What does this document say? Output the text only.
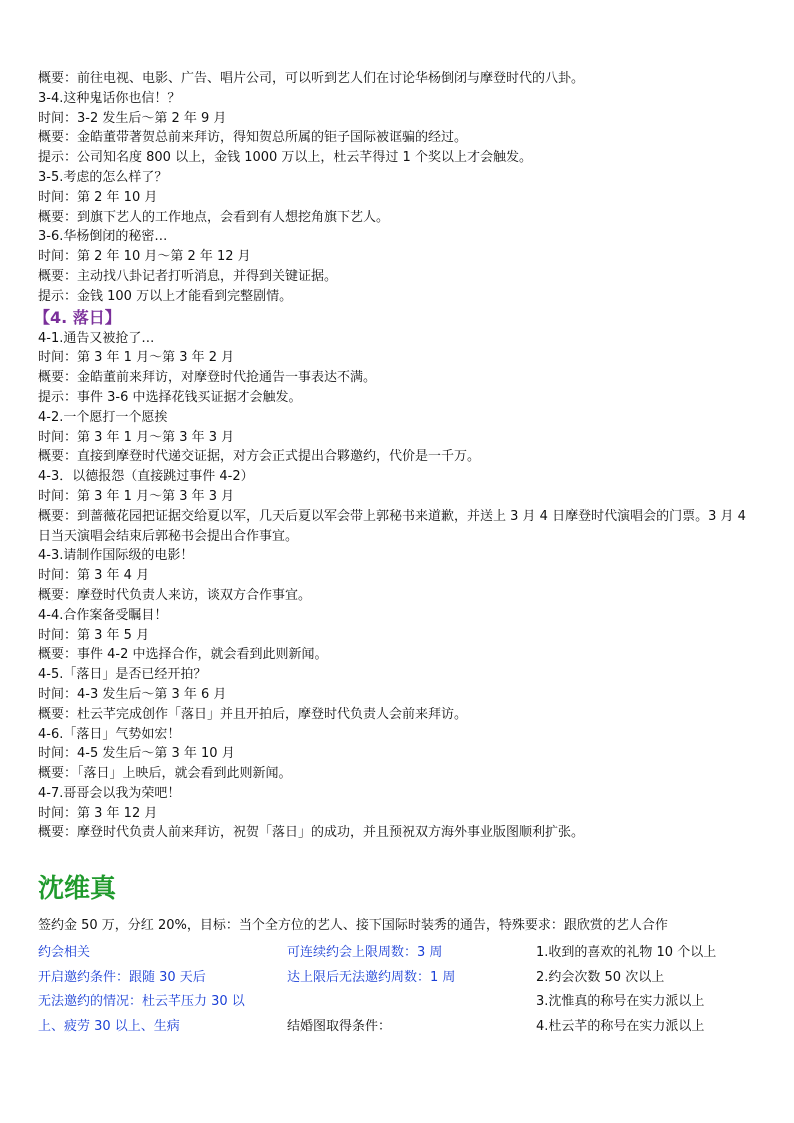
概要：前往电视、电影、广告、唱片公司，可以听到艺人们在讨论华杨倒闭与摩登时代的八卦。
3-4.这种鬼话你也信！？
时间：3-2 发生后～第 2 年 9 月
概要：金皓董带著贺总前来拜访，得知贺总所属的钜子国际被诓骗的经过。
提示：公司知名度 800 以上，金钱 1000 万以上，杜云芊得过 1 个奖以上才会触发。
3-5.考虑的怎么样了？
时间：第 2 年 10 月
概要：到旗下艺人的工作地点，会看到有人想挖角旗下艺人。
3-6.华杨倒闭的秘密…
时间：第 2 年 10 月～第 2 年 12 月
概要：主动找八卦记者打听消息，并得到关键证据。
提示：金钱 100 万以上才能看到完整剧情。
【4. 落日】
4-1.通告又被抢了…
时间：第 3 年 1 月～第 3 年 2 月
概要：金皓董前来拜访，对摩登时代抢通告一事表达不满。
提示：事件 3-6 中选择花钱买证据才会触发。
4-2.一个愿打一个愿挨
时间：第 3 年 1 月～第 3 年 3 月
概要：直接到摩登时代递交证据，对方会正式提出合夥邀约，代价是一千万。
4-3．以德报怨（直接跳过事件 4-2）
时间：第 3 年 1 月～第 3 年 3 月
概要：到蔷薇花园把证据交给夏以军，几天后夏以军会带上郭秘书来道歉，并送上 3 月 4 日摩登时代演唱会的门票。3 月 4 日当天演唱会结束后郭秘书会提出合作事宜。
4-3.请制作国际级的电影！
时间：第 3 年 4 月
概要：摩登时代负责人来访，谈双方合作事宜。
4-4.合作案备受瞩目！
时间：第 3 年 5 月
概要：事件 4-2 中选择合作，就会看到此则新闻。
4-5.「落日」是否已经开拍？
时间：4-3 发生后～第 3 年 6 月
概要：杜云芊完成创作「落日」并且开拍后，摩登时代负责人会前来拜访。
4-6.「落日」气势如宏！
时间：4-5 发生后～第 3 年 10 月
概要：「落日」上映后，就会看到此则新闻。
4-7.哥哥会以我为荣吧！
时间：第 3 年 12 月
概要：摩登时代负责人前来拜访，祝贺「落日」的成功，并且预祝双方海外事业版图顺利扩张。
沈维真
签约金 50 万，分红 20%，目标：当个全方位的艺人、接下国际时装秀的通告，特殊要求：跟欣赏的艺人合作
约会相关
开启邀约条件：跟随 30 天后
无法邀约的情况：杜云芊压力 30 以
上、疲劳 30 以上、生病
可连续约会上限周数：3 周
达上限后无法邀约周数：1 周

结婚图取得条件：
1.收到的喜欢的礼物 10 个以上
2.约会次数 50 次以上
3.沈惟真的称号在实力派以上
4.杜云芊的称号在实力派以上
